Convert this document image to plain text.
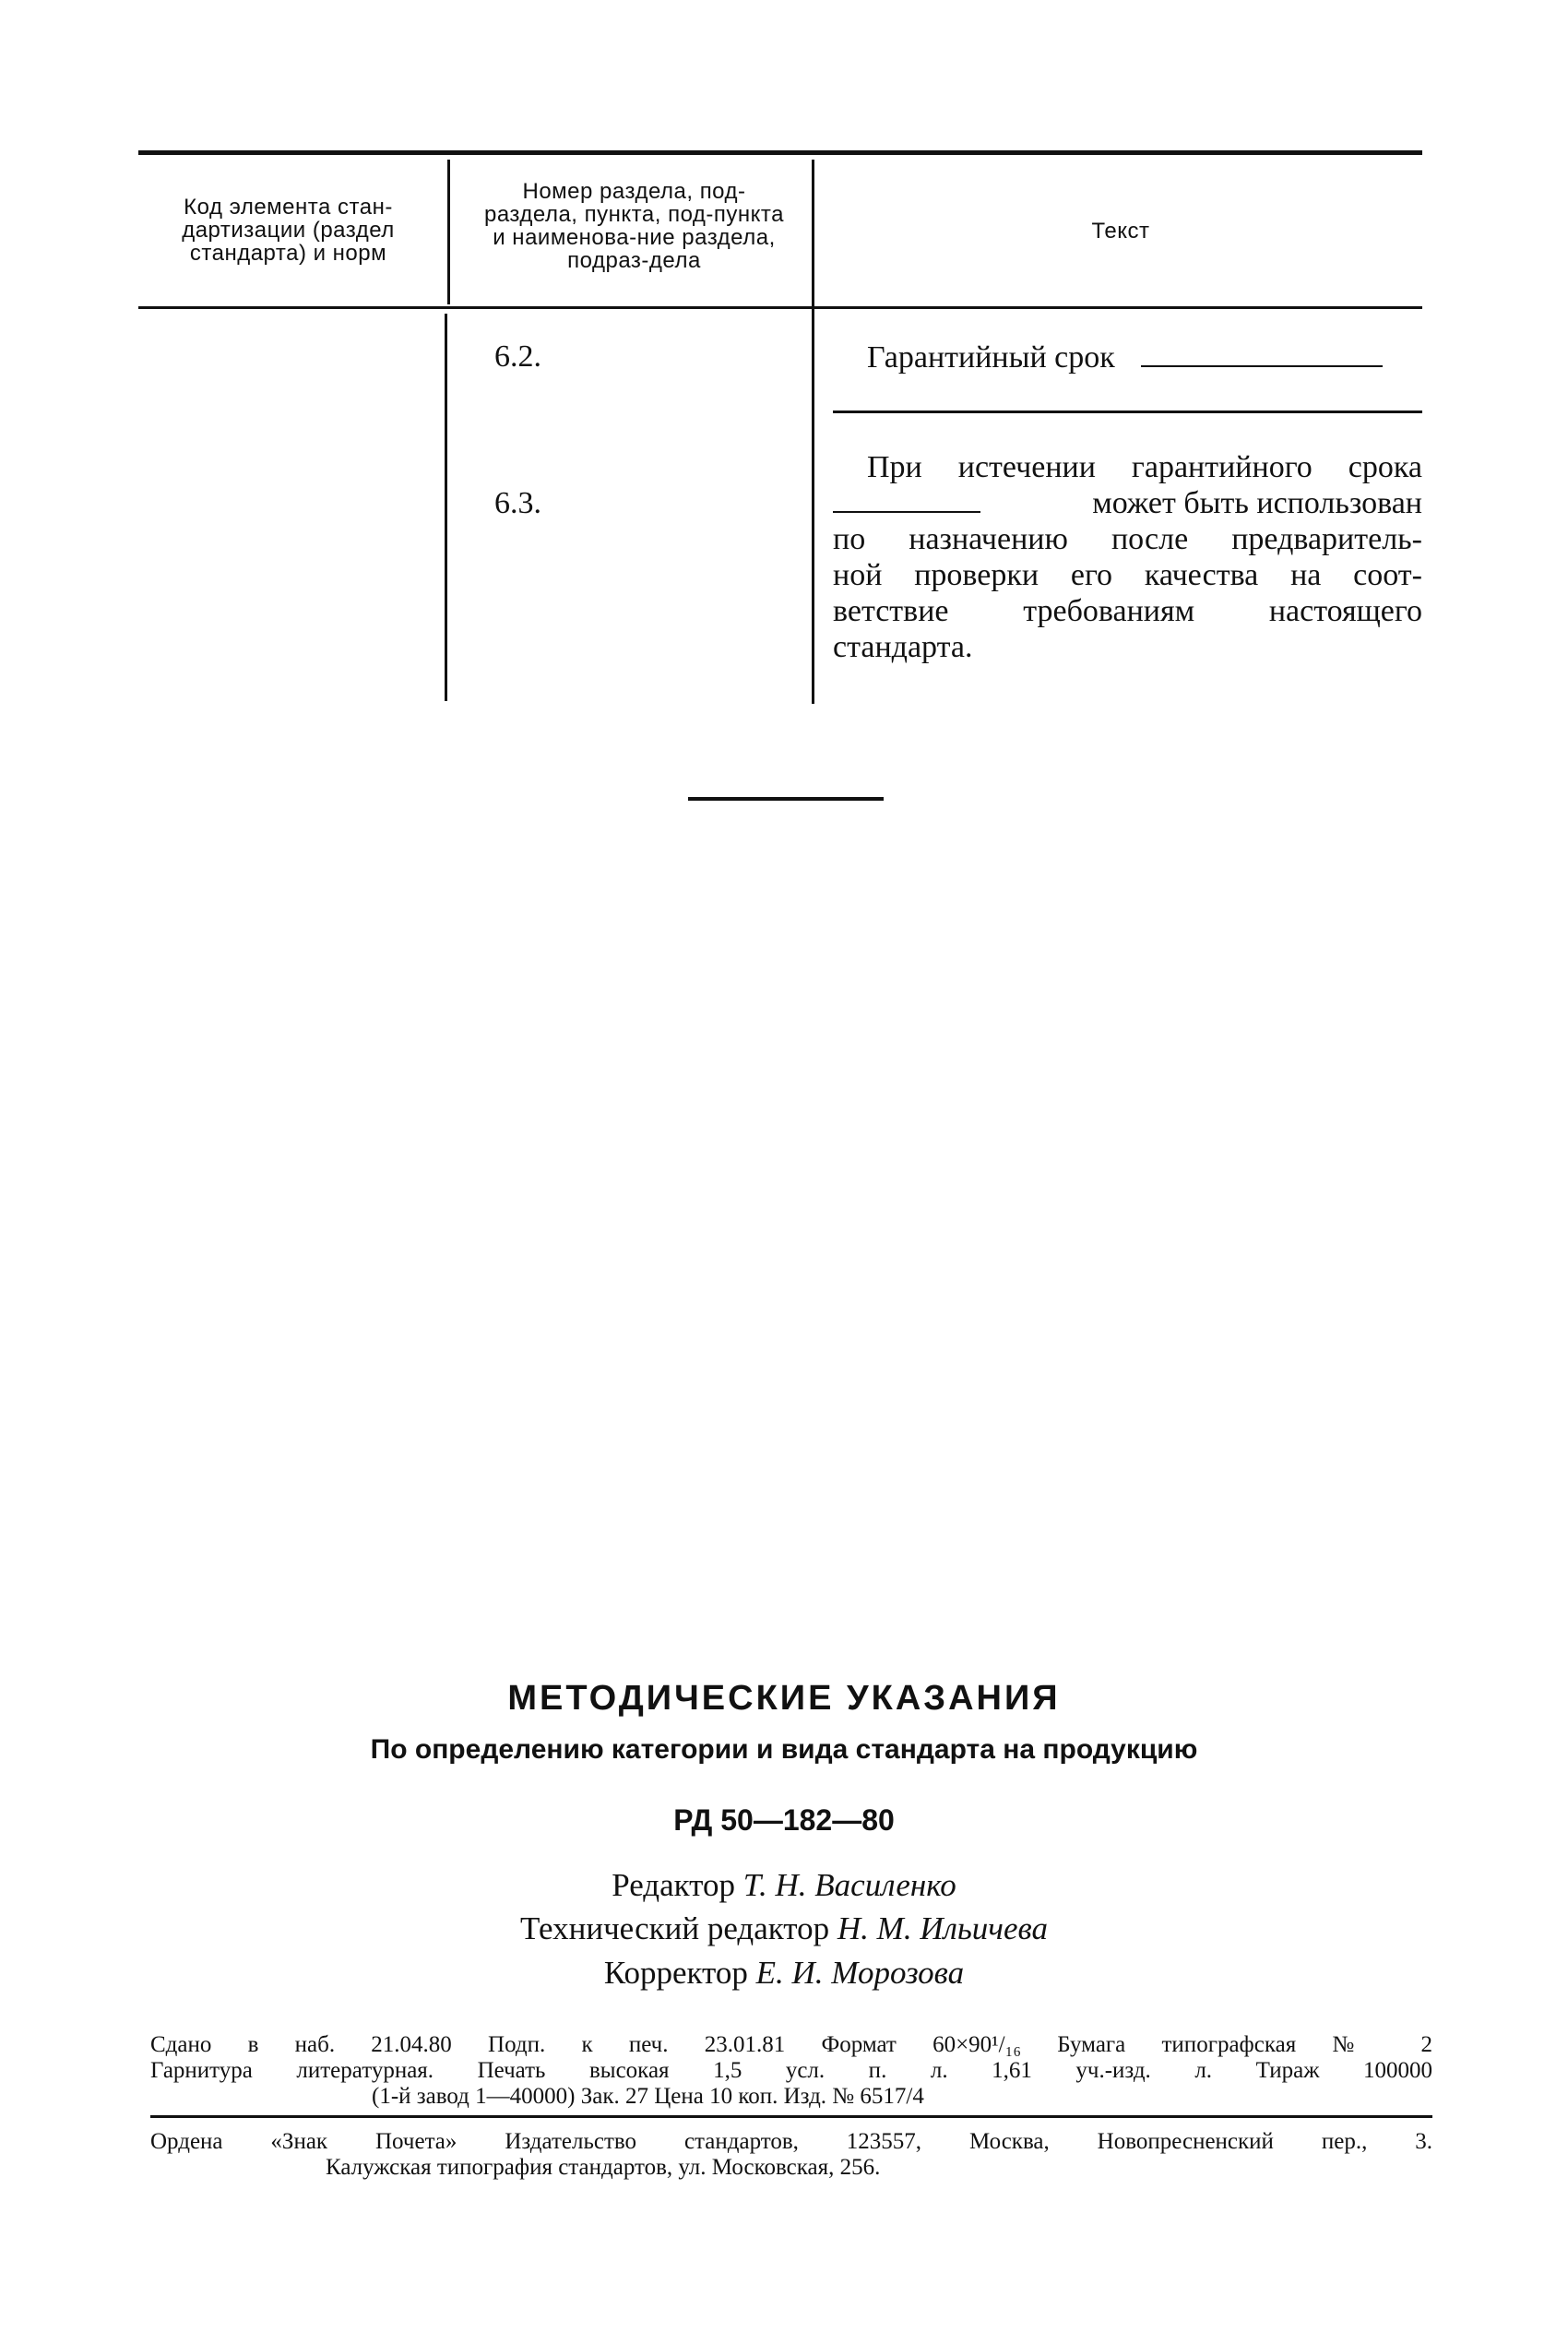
Код элемента стан-дартизации (раздел стандарта) и норм
Номер раздела, под-раздела, пункта, под-пункта и наименова-ние раздела, подраз-дела
Текст
6.2.	Гарантийный срок
6.3.
При истечении гарантийного срока
может быть использован
по назначению после предваритель-
ной проверки его качества на соот-
ветствие требованиям настоящего
стандарта.
МЕТОДИЧЕСКИЕ УКАЗАНИЯ
По определению категории и вида стандарта на продукцию
РД 50—182—80
Редактор Т. Н. Василенко
Технический редактор Н. М. Ильичева
Корректор Е. И. Морозова
Сдано в наб. 21.04.80 Подп. к печ. 23.01.81 Формат 60×90¹/₁₆ Бумага типографская № 2
Гарнитура литературная. Печать высокая 1,5 усл. п. л. 1,61 уч.-изд. л. Тираж 100000
(1-й завод 1—40000) Зак. 27 Цена 10 коп. Изд. № 6517/4
Ордена «Знак Почета» Издательство стандартов, 123557, Москва, Новопресненский пер., 3.
Калужская типография стандартов, ул. Московская, 256.
